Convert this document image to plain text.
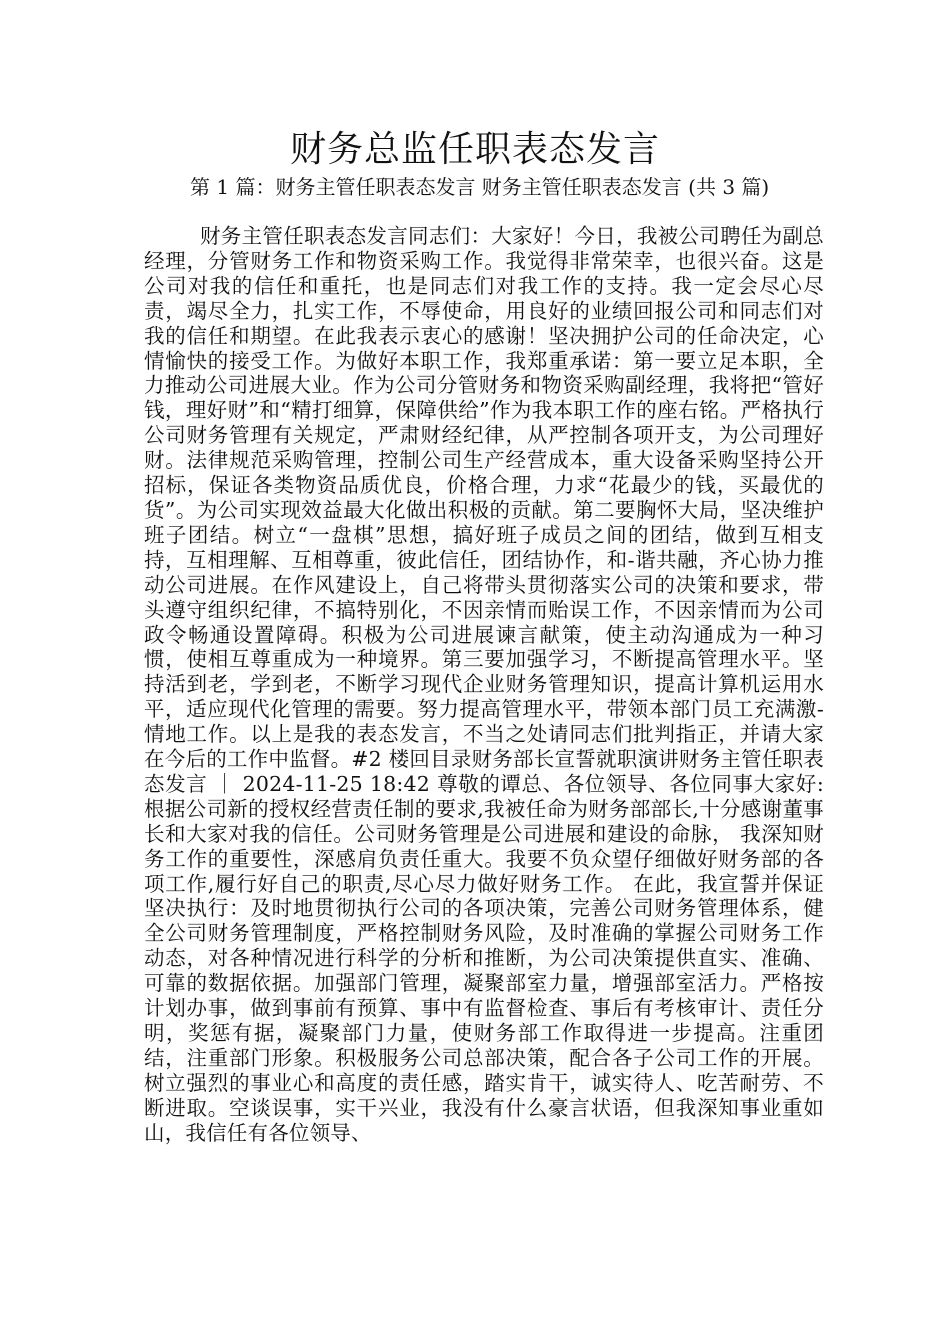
财务总监任职表态发言

第 1 篇：财务主管任职表态发言 财务主管任职表态发言 (共 3 篇)

财务主管任职表态发言同志们：大家好！今日，我被公司聘任为副总经理，分管财务工作和物资采购工作。我觉得非常荣幸，也很兴奋。这是公司对我的信任和重托，也是同志们对我工作的支持。我一定会尽心尽责，竭尽全力，扎实工作，不辱使命，用良好的业绩回报公司和同志们对我的信任和期望。在此我表示衷心的感谢！坚决拥护公司的任命决定，心情愉快的接受工作。为做好本职工作，我郑重承诺：第一要立足本职，全力推动公司进展大业。作为公司分管财务和物资采购副经理，我将把“管好钱，理好财”和“精打细算，保障供给”作为我本职工作的座右铭。严格执行公司财务管理有关规定，严肃财经纪律，从严控制各项开支，为公司理好财。法律规范采购管理，控制公司生产经营成本，重大设备采购坚持公开招标，保证各类物资品质优良，价格合理，力求“花最少的钱，买最优的货”。为公司实现效益最大化做出积极的贡献。第二要胸怀大局，坚决维护班子团结。树立“一盘棋”思想，搞好班子成员之间的团结，做到互相支持，互相理解、互相尊重，彼此信任，团结协作，和-谐共融，齐心协力推动公司进展。在作风建设上，自己将带头贯彻落实公司的决策和要求，带头遵守组织纪律，不搞特别化，不因亲情而贻误工作，不因亲情而为公司政令畅通设置障碍。积极为公司进展谏言献策，使主动沟通成为一种习惯，使相互尊重成为一种境界。第三要加强学习，不断提高管理水平。坚持活到老，学到老，不断学习现代企业财务管理知识，提高计算机运用水平，适应现代化管理的需要。努力提高管理水平，带领本部门员工充满激-情地工作。以上是我的表态发言，不当之处请同志们批判指正，并请大家在今后的工作中监督。#2 楼回目录财务部长宣誓就职演讲财务主管任职表态发言 ｜ 2024-11-25 18:42 尊敬的谭总、各位领导、各位同事大家好:根据公司新的授权经营责任制的要求,我被任命为财务部部长,十分感谢董事长和大家对我的信任。公司财务管理是公司进展和建设的命脉， 我深知财务工作的重要性，深感肩负责任重大。我要不负众望仔细做好财务部的各项工作,履行好自己的职责,尽心尽力做好财务工作。 在此，我宣誓并保证坚决执行：及时地贯彻执行公司的各项决策，完善公司财务管理体系，健全公司财务管理制度，严格控制财务风险，及时准确的掌握公司财务工作动态，对各种情况进行科学的分析和推断，为公司决策提供直实、准确、可靠的数据依据。加强部门管理，凝聚部室力量，增强部室活力。严格按计划办事，做到事前有预算、事中有监督检查、事后有考核审计、责任分明，奖惩有据，凝聚部门力量，使财务部工作取得进一步提高。注重团结，注重部门形象。积极服务公司总部决策，配合各子公司工作的开展。树立强烈的事业心和高度的责任感，踏实肯干，诚实待人、吃苦耐劳、不断进取。空谈误事，实干兴业，我没有什么豪言状语，但我深知事业重如山，我信任有各位领导、
